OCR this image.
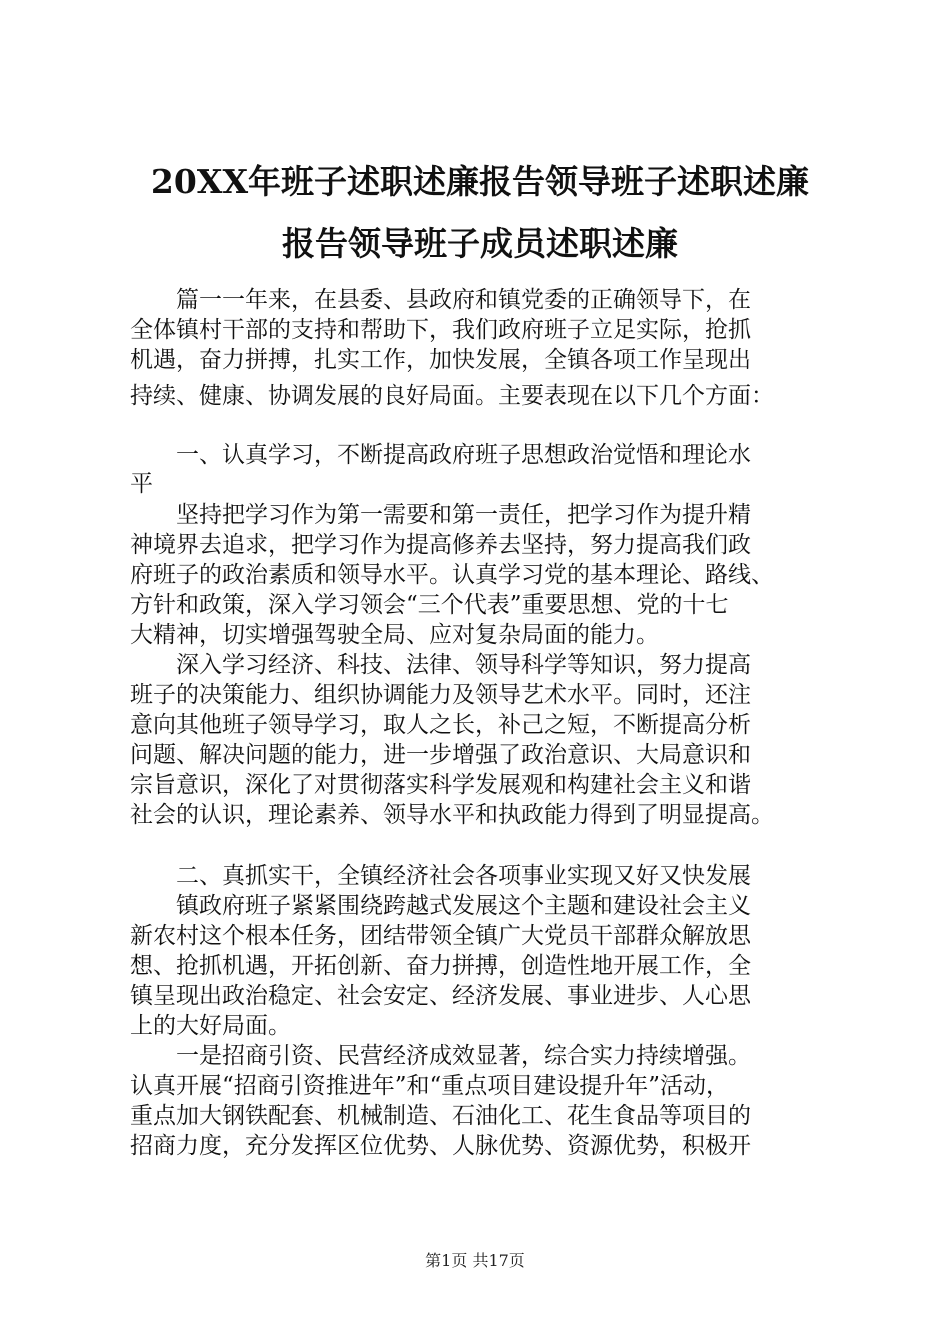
20XX年班子述职述廉报告领导班子述职述廉
报告领导班子成员述职述廉
　　篇一一年来，在县委、县政府和镇党委的正确领导下，在
全体镇村干部的支持和帮助下，我们政府班子立足实际，抢抓
机遇，奋力拼搏，扎实工作，加快发展，全镇各项工作呈现出
持续、健康、协调发展的良好局面。主要表现在以下几个方面：
　　一、认真学习，不断提高政府班子思想政治觉悟和理论水
平
　　坚持把学习作为第一需要和第一责任，把学习作为提升精
神境界去追求，把学习作为提高修养去坚持，努力提高我们政
府班子的政治素质和领导水平。认真学习党的基本理论、路线、
方针和政策，深入学习领会“三个代表”重要思想、党的十七
大精神，切实增强驾驶全局、应对复杂局面的能力。
　　深入学习经济、科技、法律、领导科学等知识，努力提高
班子的决策能力、组织协调能力及领导艺术水平。同时，还注
意向其他班子领导学习，取人之长，补己之短，不断提高分析
问题、解决问题的能力，进一步增强了政治意识、大局意识和
宗旨意识，深化了对贯彻落实科学发展观和构建社会主义和谐
社会的认识，理论素养、领导水平和执政能力得到了明显提高。
　　二、真抓实干，全镇经济社会各项事业实现又好又快发展
　　镇政府班子紧紧围绕跨越式发展这个主题和建设社会主义
新农村这个根本任务，团结带领全镇广大党员干部群众解放思
想、抢抓机遇，开拓创新、奋力拼搏，创造性地开展工作，全
镇呈现出政治稳定、社会安定、经济发展、事业进步、人心思
上的大好局面。
　　一是招商引资、民营经济成效显著，综合实力持续增强。
认真开展“招商引资推进年”和“重点项目建设提升年”活动，
重点加大钢铁配套、机械制造、石油化工、花生食品等项目的
招商力度，充分发挥区位优势、人脉优势、资源优势，积极开
第1页 共17页
